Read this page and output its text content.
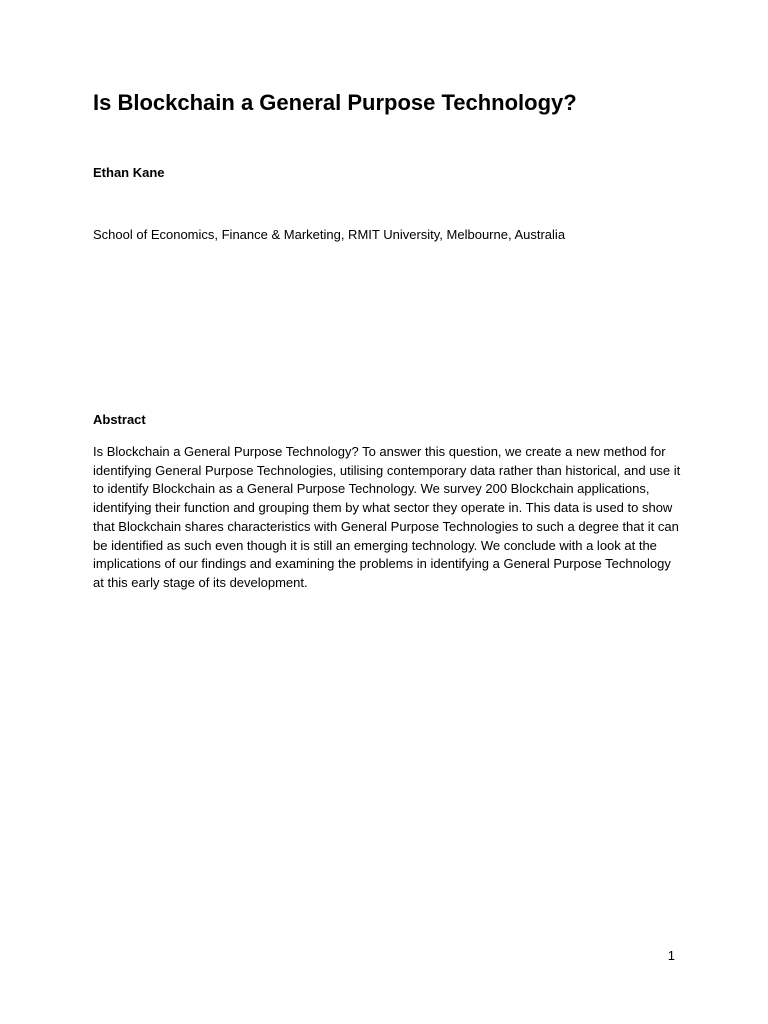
Is Blockchain a General Purpose Technology?

Ethan Kane

School of Economics, Finance & Marketing, RMIT University, Melbourne, Australia

Abstract

Is Blockchain a General Purpose Technology? To answer this question, we create a new method for identifying General Purpose Technologies, utilising contemporary data rather than historical, and use it to identify Blockchain as a General Purpose Technology. We survey 200 Blockchain applications, identifying their function and grouping them by what sector they operate in. This data is used to show that Blockchain shares characteristics with General Purpose Technologies to such a degree that it can be identified as such even though it is still an emerging technology. We conclude with a look at the implications of our findings and examining the problems in identifying a General Purpose Technology at this early stage of its development.

1
